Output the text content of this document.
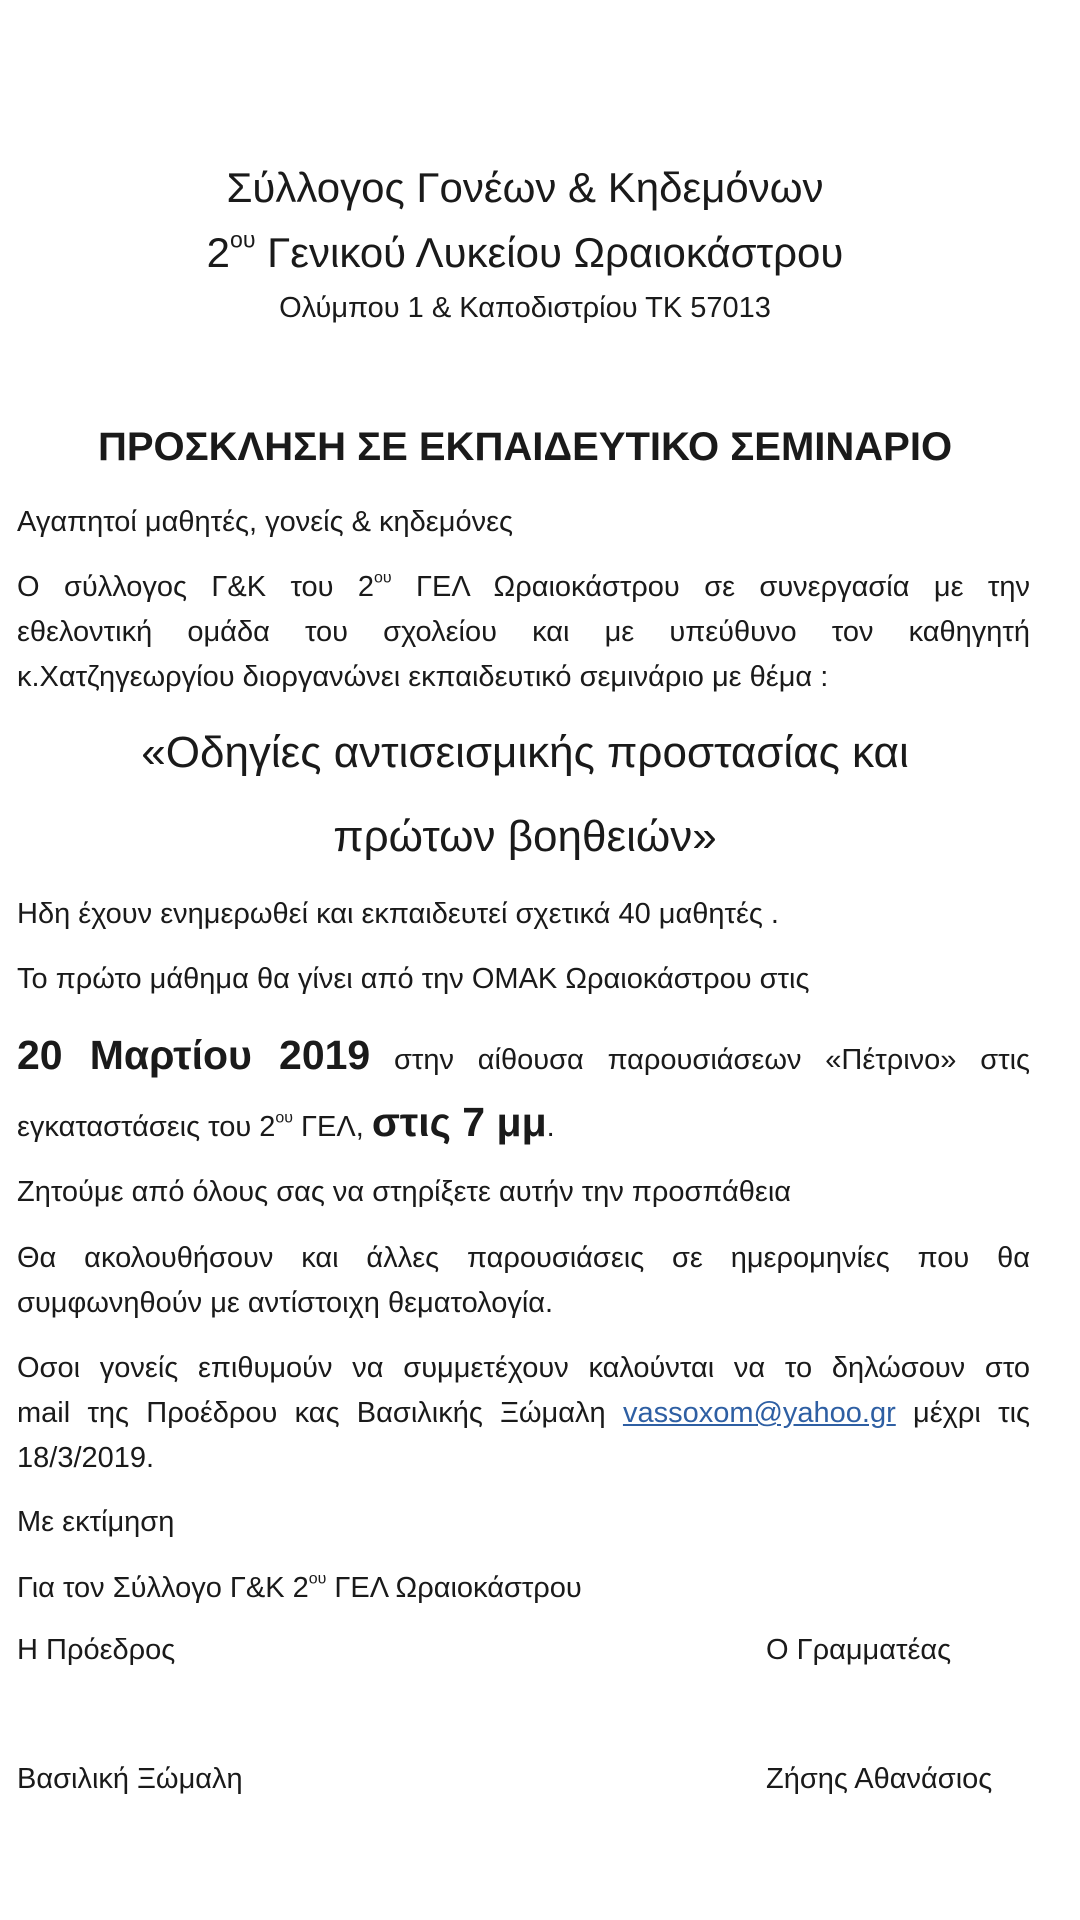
Σύλλογος Γονέων & Κηδεμόνων
$2^{o\upsilon}$ Γενικού Λυκείου Ωραιοκάστρου
Ολύμπου 1 & Καποδιστρίου ΤΚ 57013
ΠΡΟΣΚΛΗΣΗ ΣΕ ΕΚΠΑΙΔΕΥΤΙΚΟ ΣΕΜΙΝΑΡΙΟ
Αγαπητοί μαθητές, γονείς & κηδεμόνες
Ο σύλλογος Γ&Κ του $2^{o\upsilon}$ ΓΕΛ Ωραιοκάστρου σε συνεργασία με την
εθελοντική ομάδα του σχολείου και με υπεύθυνο τον καθηγητή
κ.Χατζηγεωργίου διοργανώνει εκπαιδευτικό σεμινάριο με θέμα :
«Οδηγίες αντισεισμικής προστασίας και
πρώτων βοηθειών»
Ηδη έχουν ενημερωθεί και εκπαιδευτεί σχετικά 40 μαθητές .
Το πρώτο μάθημα θα γίνει από την ΟΜΑΚ Ωραιοκάστρου στις
20 Μαρτίου 2019 στην αίθουσα παρουσιάσεων «Πέτρινο» στις
εγκαταστάσεις του $2^{o\upsilon}$ ΓΕΛ, στις 7 μμ.
Ζητούμε από όλους σας να στηρίξετε αυτήν την προσπάθεια
Θα ακολουθήσουν και άλλες παρουσιάσεις σε ημερομηνίες που θα
συμφωνηθούν με αντίστοιχη θεματολογία.
Οσοι γονείς επιθυμούν να συμμετέχουν καλούνται να το δηλώσουν στο
mail της Προέδρου κας Βασιλικής Ξώμαλη vassoxom@yahoo.gr μέχρι τις
18/3/2019.
Με εκτίμηση
Για τον Σύλλογο Γ&Κ $2^{o\upsilon}$ ΓΕΛ Ωραιοκάστρου
Η Πρόεδρος	Ο Γραμματέας
Βασιλική Ξώμαλη	Ζήσης Αθανάσιος
